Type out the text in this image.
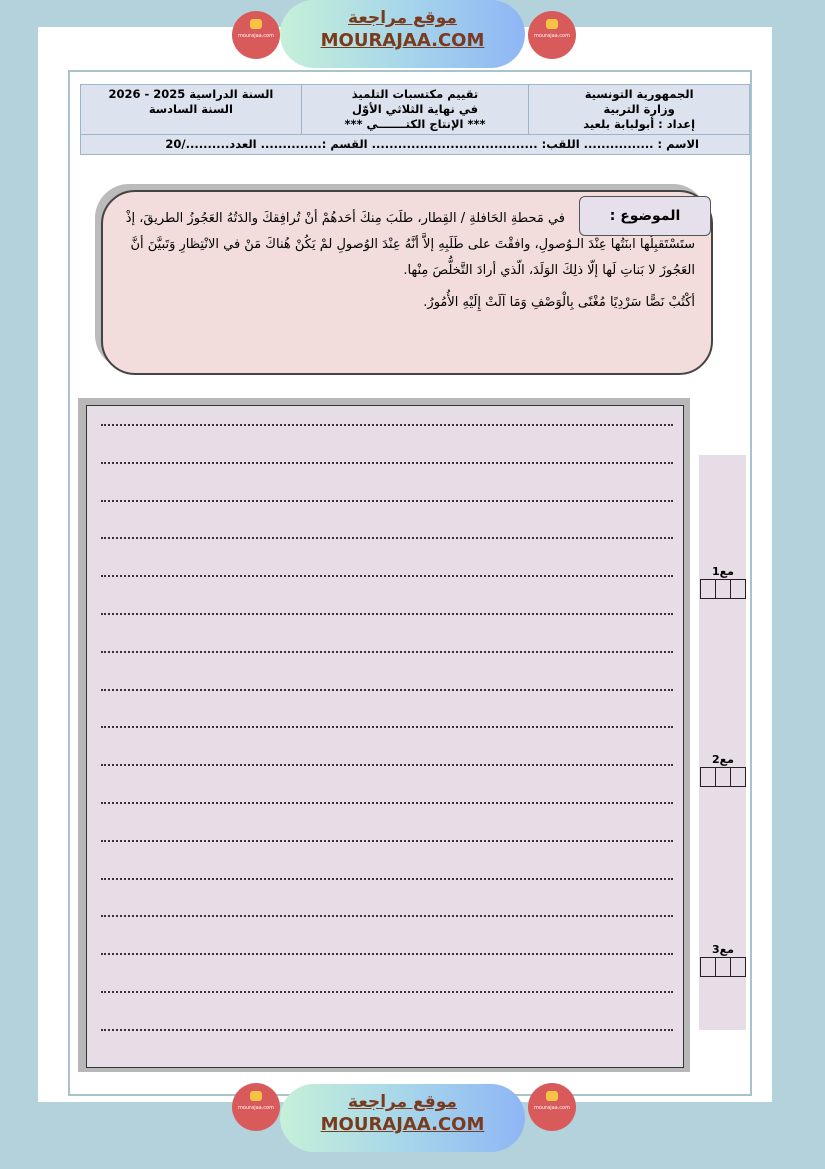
mourajaa.com
موقع مراجعة
MOURAJAA.COM	mourajaa.com
الجمهورية التونسية
وزارة التربية
إعداد : أبولبابة بلعيد

تقييم مكتسبات التلميذ
في نهاية الثلاثي الأوّل
*** الإنتاج الكتـــــــي ***

السنة الدراسية 2025 - 2026
السنة السادسة

الاسم : ................ اللقب: ...................................... القسم :.............. العدد........../20
الموضوع :

في مَحطةِ الحَافلةِ / القِطار، طلَبَ مِنكَ أحَدهُمْ أنْ تُرافِقكَ والدَتُهُ العَجُوزُ الطريقَ، إذْ ستَسْتَقبِلُها ابنَتُها عِنْدَ الـوُصولِ، وافقْتَ على طَلَبِهِ إلاَّ أنَّهُ عِنْدَ الوُصولِ لمْ يَكُنْ هُناكَ مَنْ في الانْتِظارِ وَتَبيَّنَ أنَّ العَجُوزَ لا بَناتِ لَها إلّا ذلِكَ الوَلَدَ، الّذي أرادَ التَّخلُّصَ مِنْها.

أكْتُبْ نَصًّا سَرْدِيًا مُغْنًى بِالْوَصْفِ وَمَا آلَتْ إِلَيْهِ الأُمُورُ.

مع1
مع2
مع3
mourajaa.com	موقع مراجعة
MOURAJAA.COM
mourajaa.com
